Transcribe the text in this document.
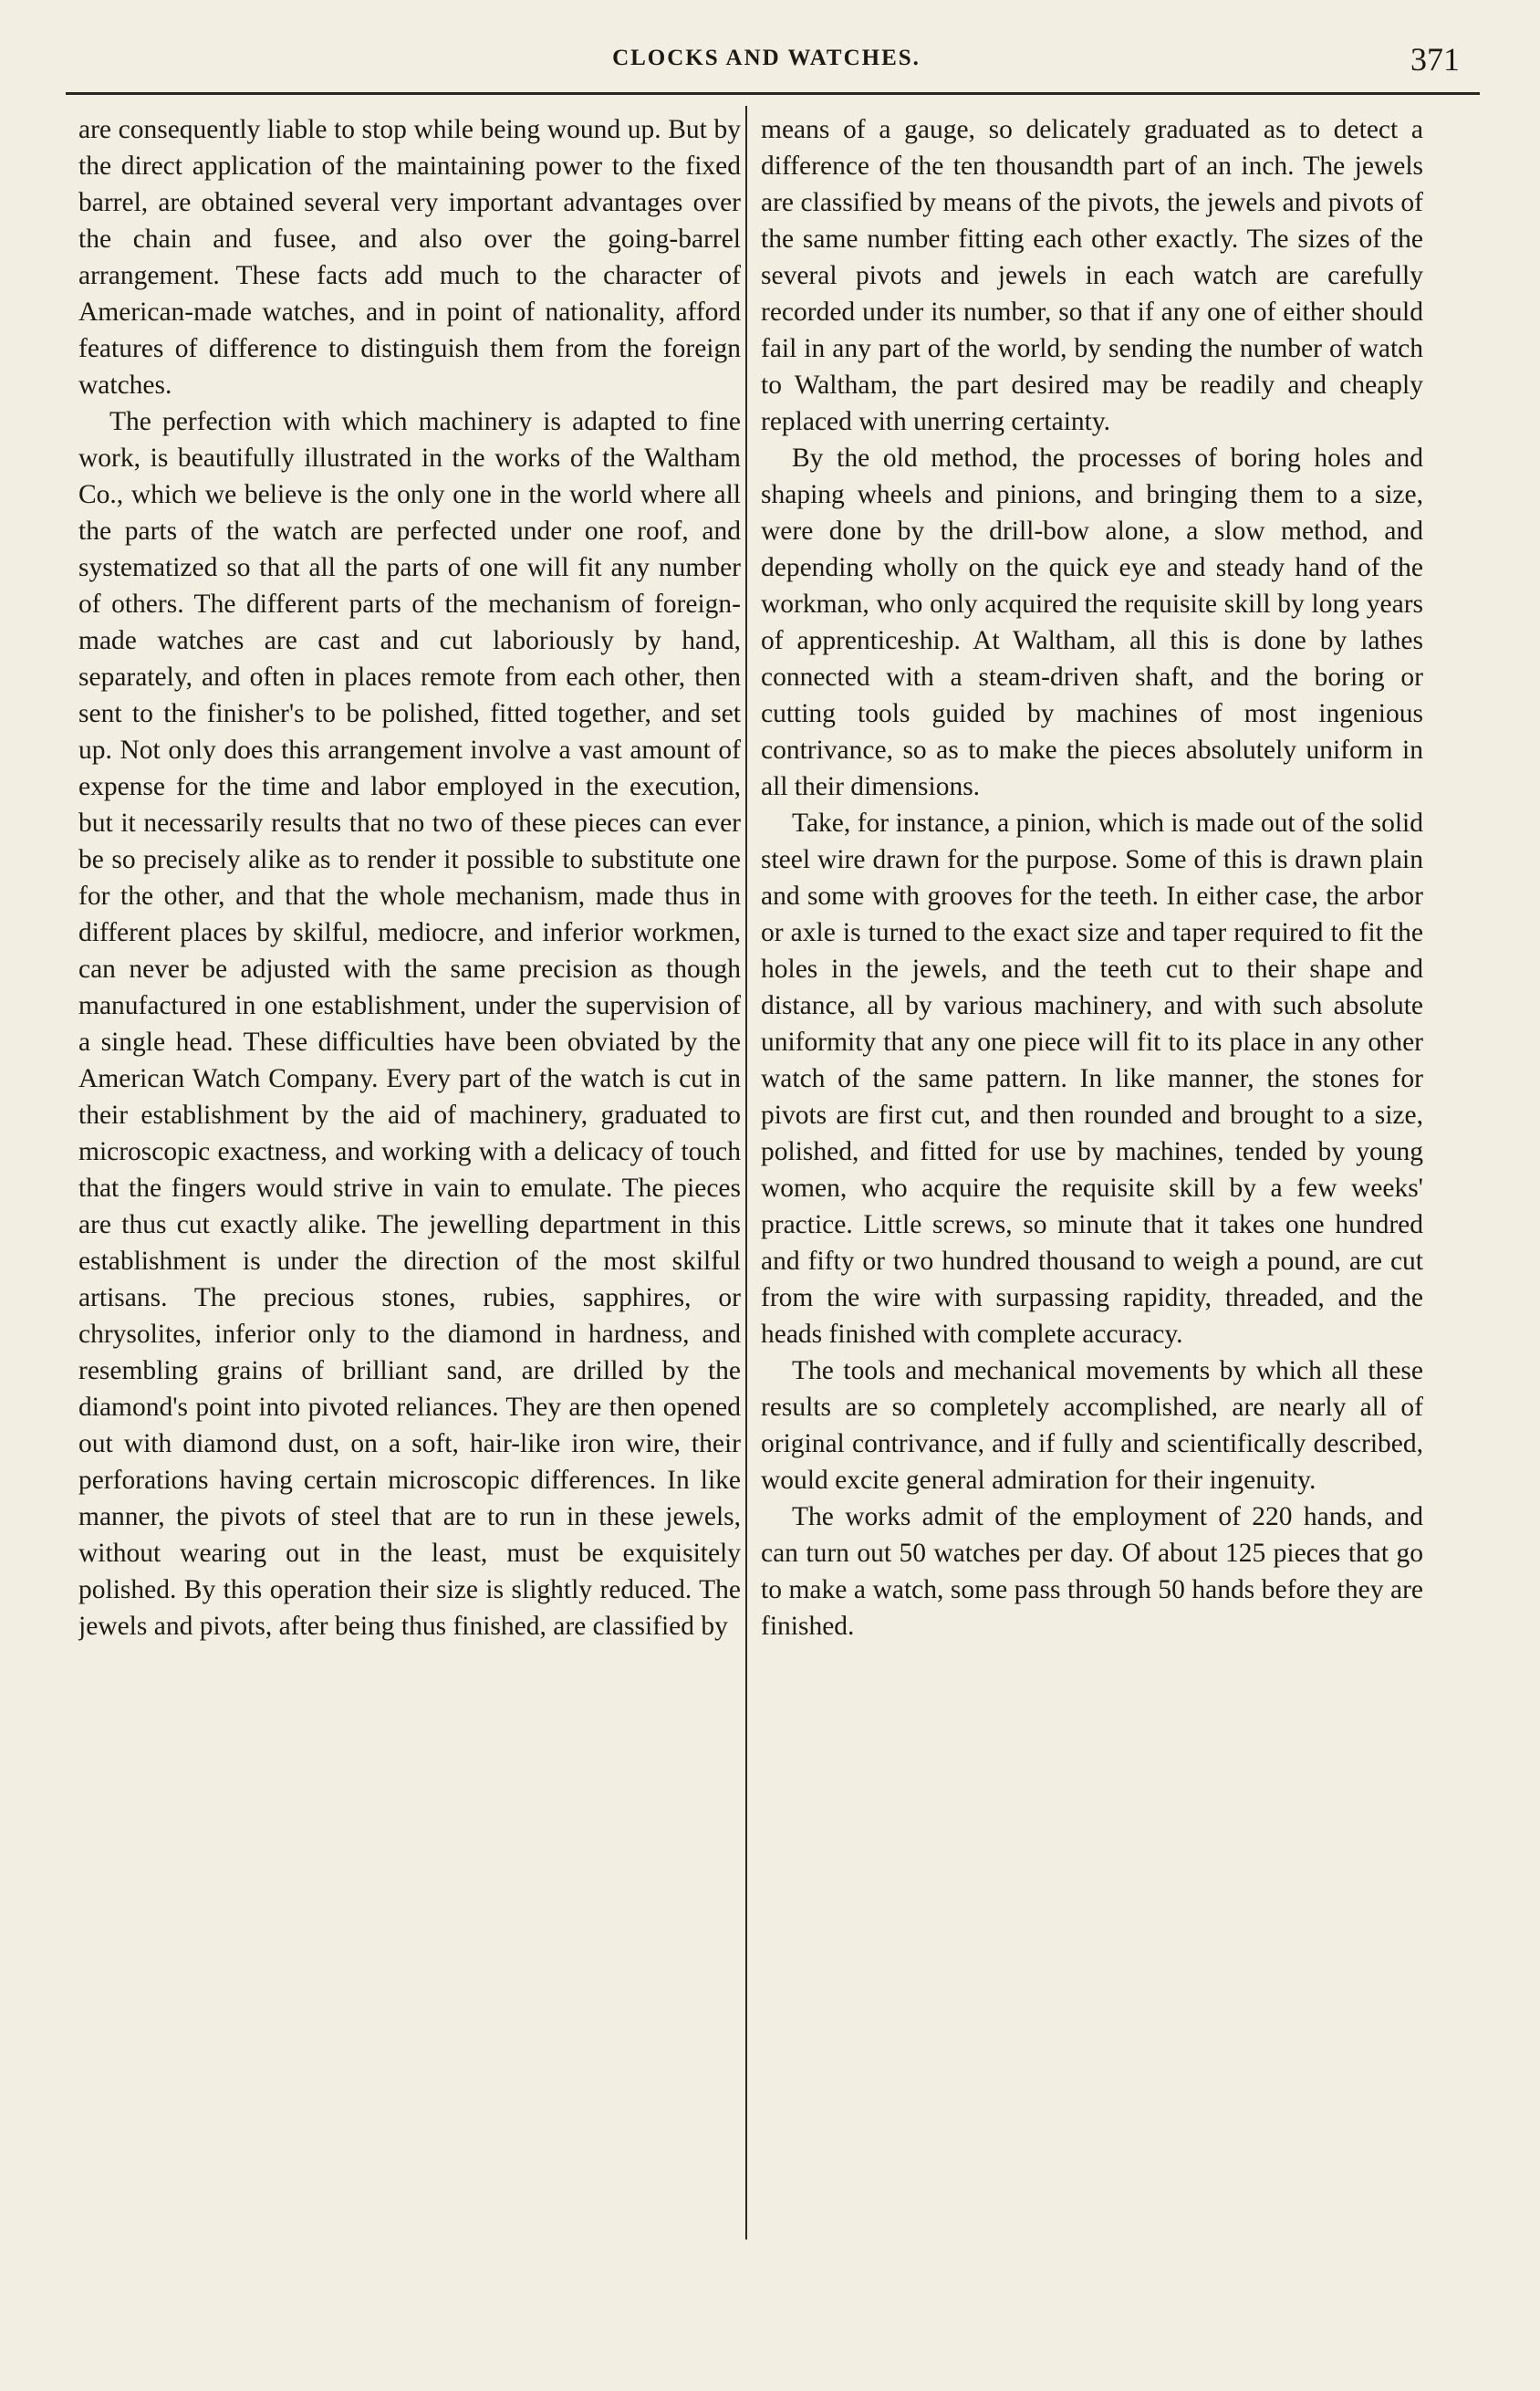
CLOCKS AND WATCHES.	371

are consequently liable to stop while being wound up. But by the direct application of the maintaining power to the fixed barrel, are obtained several very important advantages over the chain and fusee, and also over the going-barrel arrangement. These facts add much to the character of American-made watches, and in point of nationality, afford features of difference to distinguish them from the foreign watches.

The perfection with which machinery is adapted to fine work, is beautifully illustrated in the works of the Waltham Co., which we believe is the only one in the world where all the parts of the watch are perfected under one roof, and systematized so that all the parts of one will fit any number of others. The different parts of the mechanism of foreign-made watches are cast and cut laboriously by hand, separately, and often in places remote from each other, then sent to the finisher's to be polished, fitted together, and set up. Not only does this arrangement involve a vast amount of expense for the time and labor employed in the execution, but it necessarily results that no two of these pieces can ever be so precisely alike as to render it possible to substitute one for the other, and that the whole mechanism, made thus in different places by skilful, mediocre, and inferior workmen, can never be adjusted with the same precision as though manufactured in one establishment, under the supervision of a single head. These difficulties have been obviated by the American Watch Company. Every part of the watch is cut in their establishment by the aid of machinery, graduated to microscopic exactness, and working with a delicacy of touch that the fingers would strive in vain to emulate. The pieces are thus cut exactly alike. The jewelling department in this establishment is under the direction of the most skilful artisans. The precious stones, rubies, sapphires, or chrysolites, inferior only to the diamond in hardness, and resembling grains of brilliant sand, are drilled by the diamond's point into pivoted reliances. They are then opened out with diamond dust, on a soft, hair-like iron wire, their perforations having certain microscopic differences. In like manner, the pivots of steel that are to run in these jewels, without wearing out in the least, must be exquisitely polished. By this operation their size is slightly reduced. The jewels and pivots, after being thus finished, are classified by

means of a gauge, so delicately graduated as to detect a difference of the ten thousandth part of an inch. The jewels are classified by means of the pivots, the jewels and pivots of the same number fitting each other exactly. The sizes of the several pivots and jewels in each watch are carefully recorded under its number, so that if any one of either should fail in any part of the world, by sending the number of watch to Waltham, the part desired may be readily and cheaply replaced with unerring certainty.

By the old method, the processes of boring holes and shaping wheels and pinions, and bringing them to a size, were done by the drill-bow alone, a slow method, and depending wholly on the quick eye and steady hand of the workman, who only acquired the requisite skill by long years of apprenticeship. At Waltham, all this is done by lathes connected with a steam-driven shaft, and the boring or cutting tools guided by machines of most ingenious contrivance, so as to make the pieces absolutely uniform in all their dimensions.

Take, for instance, a pinion, which is made out of the solid steel wire drawn for the purpose. Some of this is drawn plain and some with grooves for the teeth. In either case, the arbor or axle is turned to the exact size and taper required to fit the holes in the jewels, and the teeth cut to their shape and distance, all by various machinery, and with such absolute uniformity that any one piece will fit to its place in any other watch of the same pattern. In like manner, the stones for pivots are first cut, and then rounded and brought to a size, polished, and fitted for use by machines, tended by young women, who acquire the requisite skill by a few weeks' practice. Little screws, so minute that it takes one hundred and fifty or two hundred thousand to weigh a pound, are cut from the wire with surpassing rapidity, threaded, and the heads finished with complete accuracy.

The tools and mechanical movements by which all these results are so completely accomplished, are nearly all of original contrivance, and if fully and scientifically described, would excite general admiration for their ingenuity.

The works admit of the employment of 220 hands, and can turn out 50 watches per day. Of about 125 pieces that go to make a watch, some pass through 50 hands before they are finished.
